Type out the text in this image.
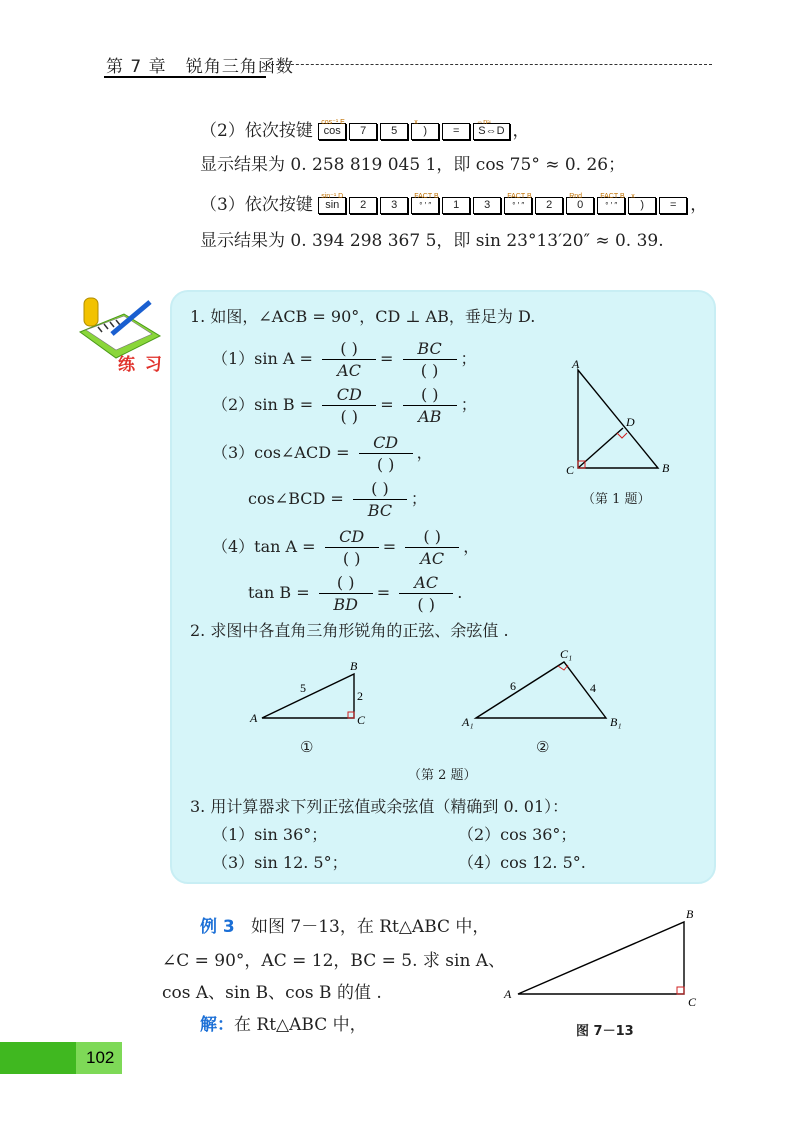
第 7 章 锐角三角函数
（2）依次按键 cos⁻¹ E
cos	7	5
x
)	=
⇔n≈
S⇔D ，
显示结果为 0. 258 819 045 1，即 cos 75° ≈ 0. 26；
（3）依次按键 sin⁻¹ D
sin	2	3
FACT B
° ′ ″	1	3
FACT B
° ′ ″	2
Rnd
0
FACT B
° ′ ″
x
)	= ，
显示结果为 0. 394 298 367 5，即 sin 23°13′20″ ≈ 0. 39.
练 习
1. 如图，∠ACB = 90°，CD ⊥ AB，垂足为 D.
（1）sin $A = \frac{( )}{AC} = \frac{BC}{( )}$ ；
（2）sin $B = \frac{CD}{( )} = \frac{( )}{AB}$ ；
（3）cos∠ACD = $\frac{CD}{( )}$ ，
cos∠BCD = $\frac{( )}{BC}$ ；
（4）tan $A = \frac{CD}{( )} = \frac{( )}{AC}$ ，
$\tan B = \frac{( )}{BD} = \frac{AC}{( )}$ .
A
D
C	B
（第 1 题）
2. 求图中各直角三角形锐角的正弦、余弦值 .
A
B
C
5
2
①
A₁
C₁
B₁
6	4
②
（第 2 题）
3. 用计算器求下列正弦值或余弦值（精确到 0. 01）：
（1）sin 36°；	（2）cos 36°；
（3）sin 12. 5°；	（4）cos 12. 5°.
例 3 如图 7－13，在 Rt△ABC 中，
∠C = 90°，AC = 12，BC = 5. 求 sin A、
cos A、sin B、cos B 的值 .
解：在 Rt△ABC 中，
A
B
C
图 7－13
102
